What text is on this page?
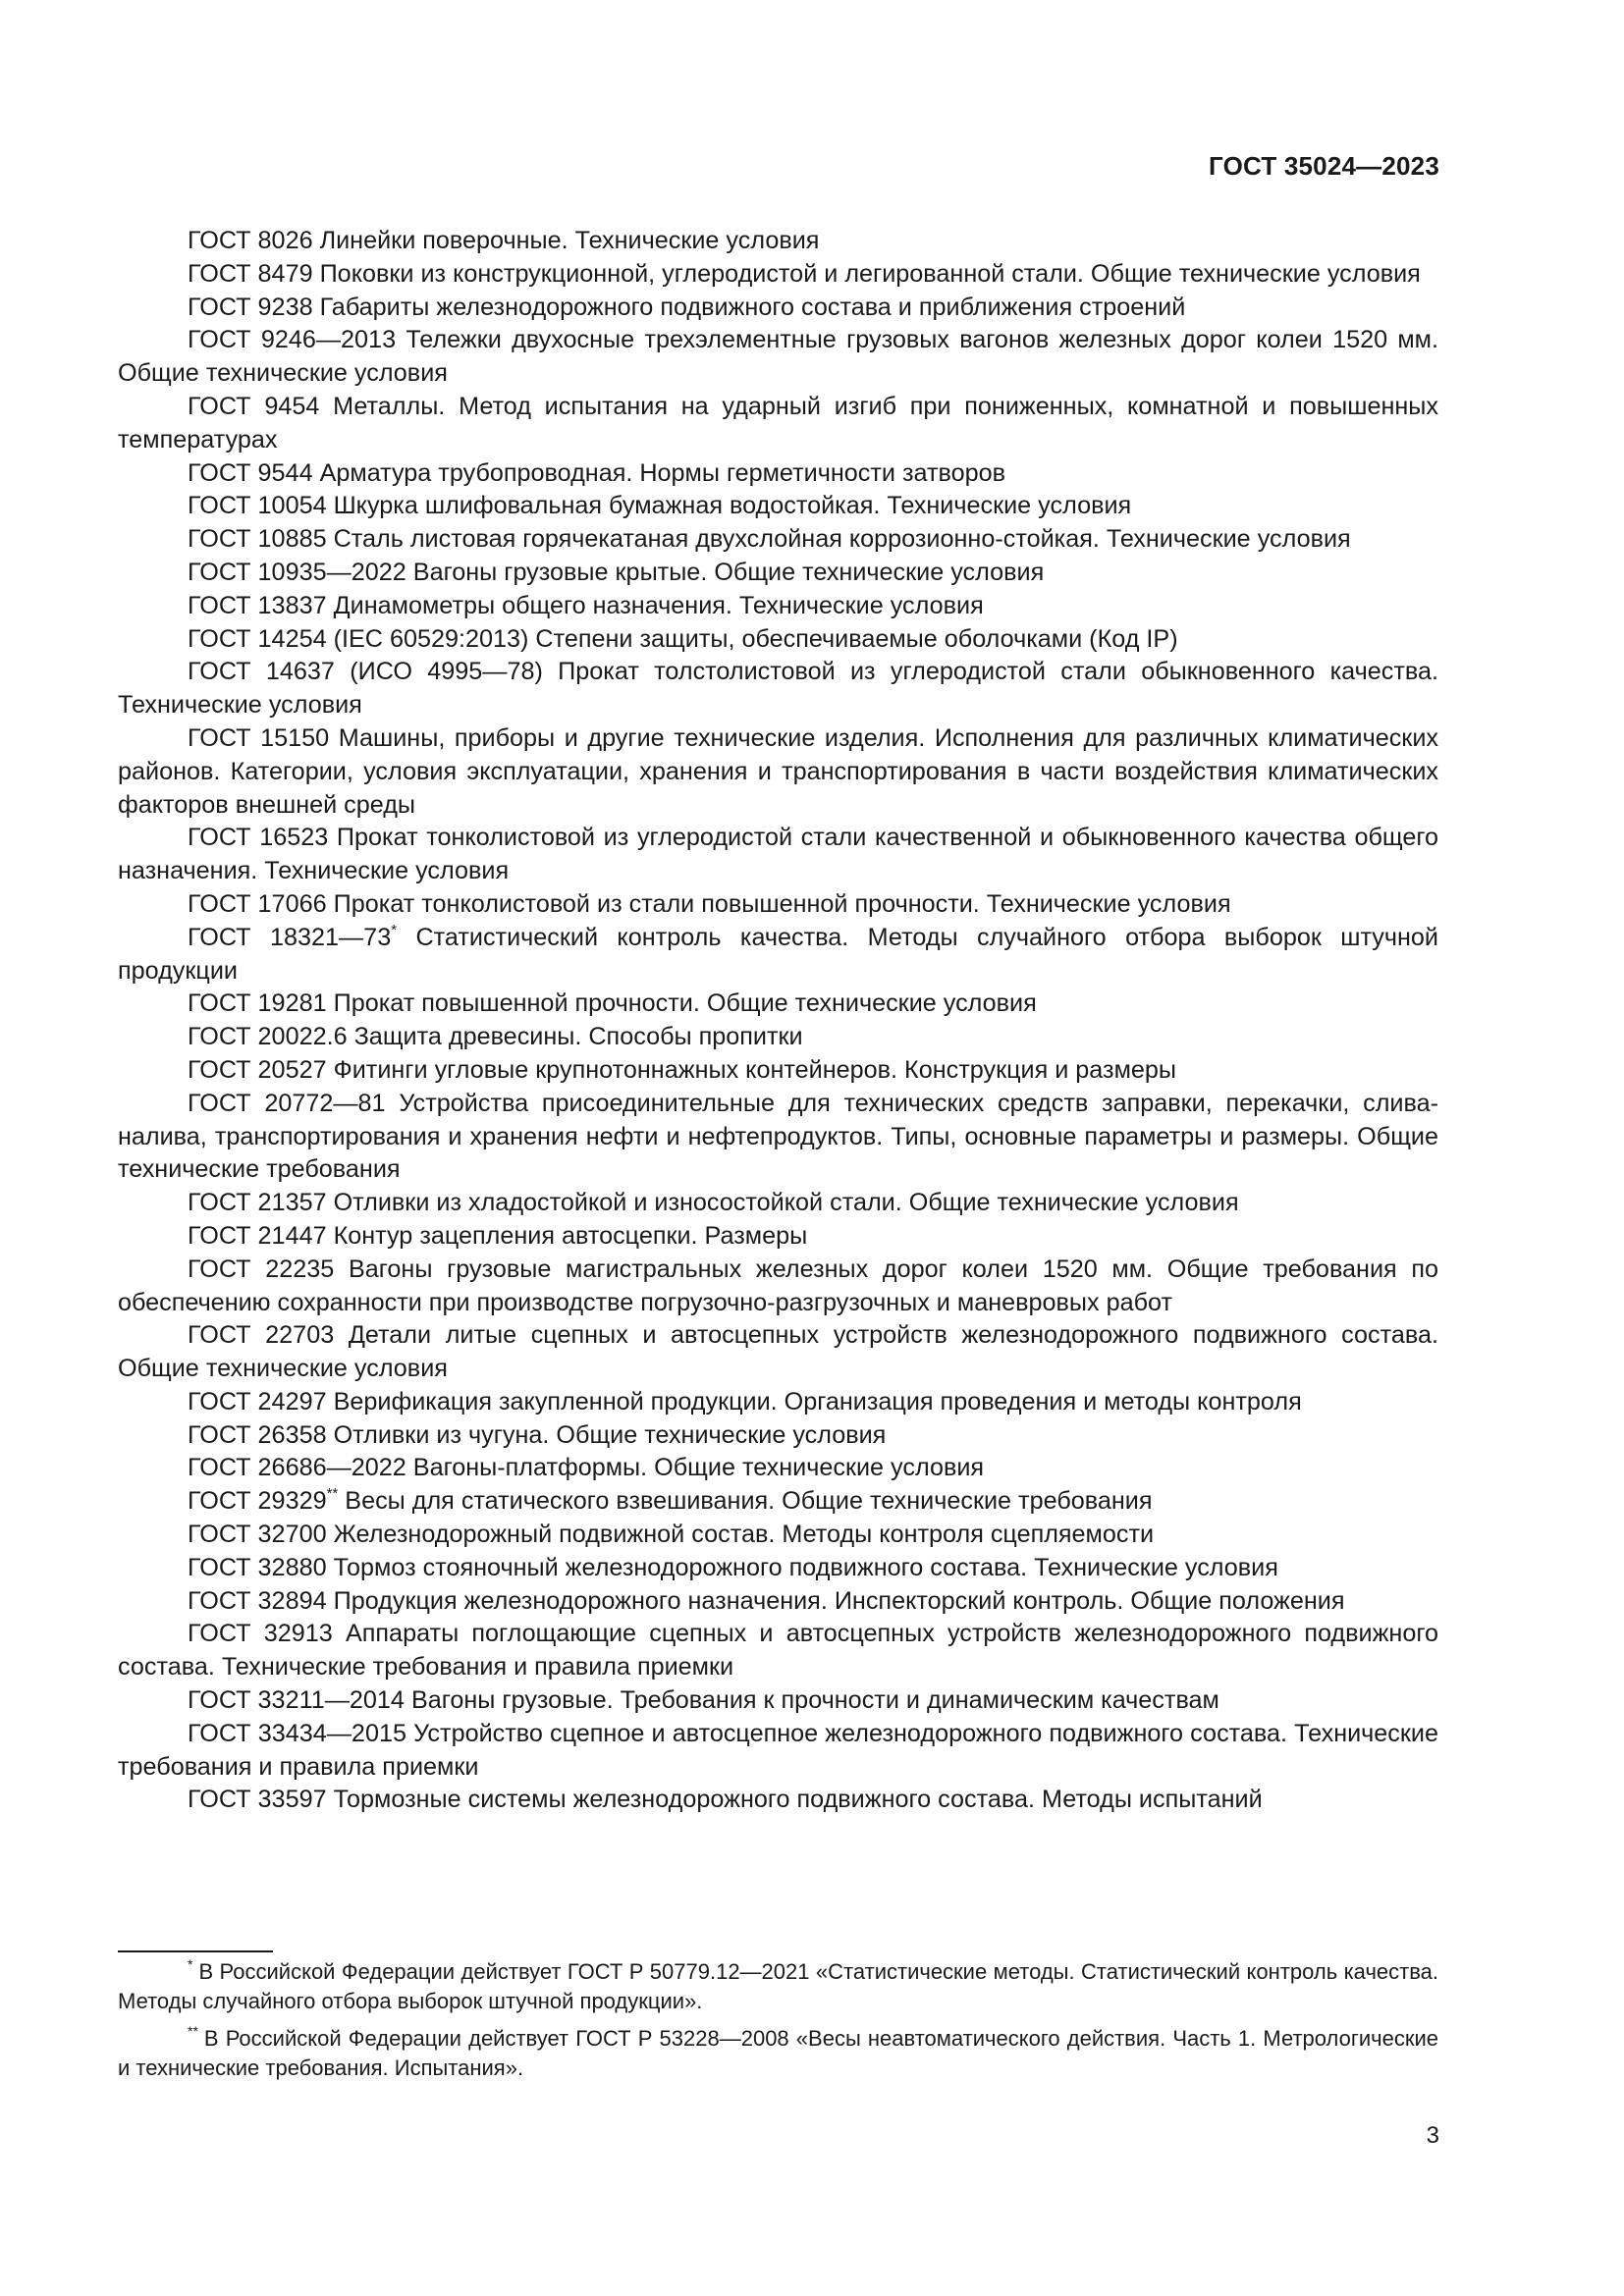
ГОСТ 35024—2023

ГОСТ 8026 Линейки поверочные. Технические условия

ГОСТ 8479 Поковки из конструкционной, углеродистой и легированной стали. Общие технические условия

ГОСТ 9238 Габариты железнодорожного подвижного состава и приближения строений

ГОСТ 9246—2013 Тележки двухосные трехэлементные грузовых вагонов железных дорог колеи 1520 мм. Общие технические условия

ГОСТ 9454 Металлы. Метод испытания на ударный изгиб при пониженных, комнатной и повышенных температурах

ГОСТ 9544 Арматура трубопроводная. Нормы герметичности затворов

ГОСТ 10054 Шкурка шлифовальная бумажная водостойкая. Технические условия

ГОСТ 10885 Сталь листовая горячекатаная двухслойная коррозионно-стойкая. Технические условия

ГОСТ 10935—2022 Вагоны грузовые крытые. Общие технические условия

ГОСТ 13837 Динамометры общего назначения. Технические условия

ГОСТ 14254 (IEC 60529:2013) Степени защиты, обеспечиваемые оболочками (Код IP)

ГОСТ 14637 (ИСО 4995—78) Прокат толстолистовой из углеродистой стали обыкновенного качества. Технические условия

ГОСТ 15150 Машины, приборы и другие технические изделия. Исполнения для различных климатических районов. Категории, условия эксплуатации, хранения и транспортирования в части воздействия климатических факторов внешней среды

ГОСТ 16523 Прокат тонколистовой из углеродистой стали качественной и обыкновенного качества общего назначения. Технические условия

ГОСТ 17066 Прокат тонколистовой из стали повышенной прочности. Технические условия

ГОСТ 18321—73* Статистический контроль качества. Методы случайного отбора выборок штучной продукции

ГОСТ 19281 Прокат повышенной прочности. Общие технические условия

ГОСТ 20022.6 Защита древесины. Способы пропитки

ГОСТ 20527 Фитинги угловые крупнотоннажных контейнеров. Конструкция и размеры

ГОСТ 20772—81 Устройства присоединительные для технических средств заправки, перекачки, слива-налива, транспортирования и хранения нефти и нефтепродуктов. Типы, основные параметры и размеры. Общие технические требования

ГОСТ 21357 Отливки из хладостойкой и износостойкой стали. Общие технические условия

ГОСТ 21447 Контур зацепления автосцепки. Размеры

ГОСТ 22235 Вагоны грузовые магистральных железных дорог колеи 1520 мм. Общие требования по обеспечению сохранности при производстве погрузочно-разгрузочных и маневровых работ

ГОСТ 22703 Детали литые сцепных и автосцепных устройств железнодорожного подвижного состава. Общие технические условия

ГОСТ 24297 Верификация закупленной продукции. Организация проведения и методы контроля

ГОСТ 26358 Отливки из чугуна. Общие технические условия

ГОСТ 26686—2022 Вагоны-платформы. Общие технические условия

ГОСТ 29329** Весы для статического взвешивания. Общие технические требования

ГОСТ 32700 Железнодорожный подвижной состав. Методы контроля сцепляемости

ГОСТ 32880 Тормоз стояночный железнодорожного подвижного состава. Технические условия

ГОСТ 32894 Продукция железнодорожного назначения. Инспекторский контроль. Общие положения

ГОСТ 32913 Аппараты поглощающие сцепных и автосцепных устройств железнодорожного подвижного состава. Технические требования и правила приемки

ГОСТ 33211—2014 Вагоны грузовые. Требования к прочности и динамическим качествам

ГОСТ 33434—2015 Устройство сцепное и автосцепное железнодорожного подвижного состава. Технические требования и правила приемки

ГОСТ 33597 Тормозные системы железнодорожного подвижного состава. Методы испытаний

* В Российской Федерации действует ГОСТ Р 50779.12—2021 «Статистические методы. Статистический контроль качества. Методы случайного отбора выборок штучной продукции».

** В Российской Федерации действует ГОСТ Р 53228—2008 «Весы неавтоматического действия. Часть 1. Метрологические и технические требования. Испытания».

3
